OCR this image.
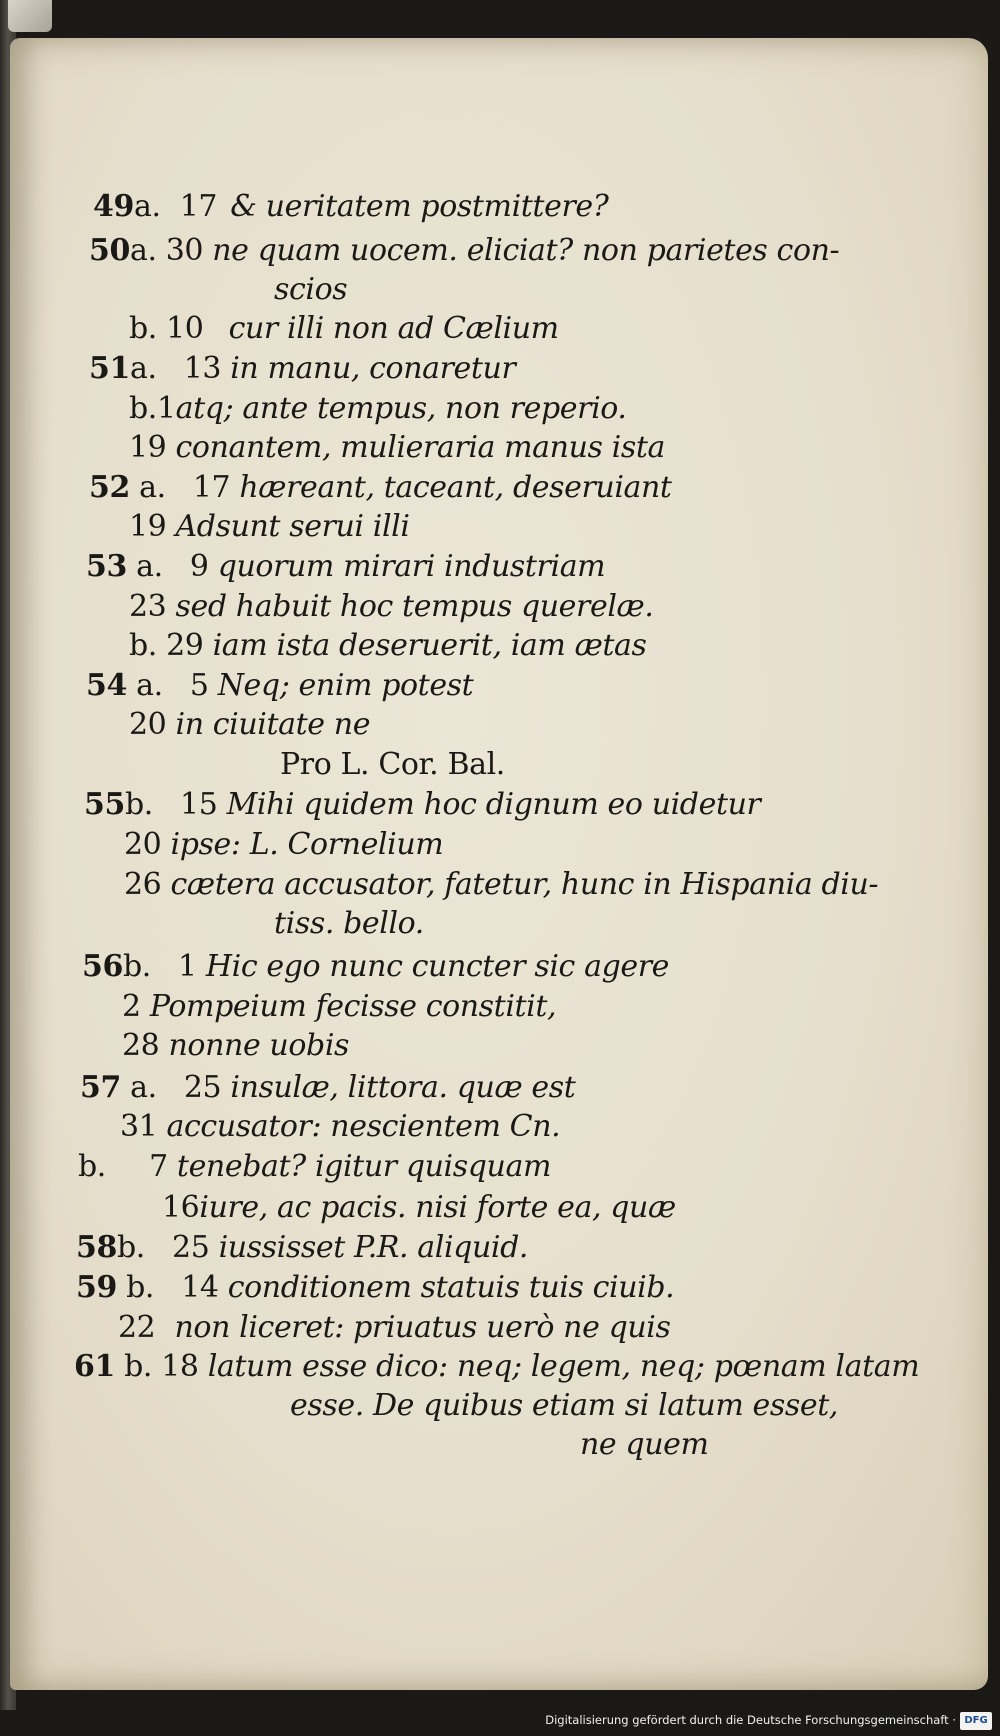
49a. 17 & ueritatem postmittere?
50a. 30 ne quam uocem. eliciat? non parietes con-
scios
b. 10 cur illi non ad Cælium
51a. 13 in manu, conaretur
b.1atq; ante tempus, non reperio.
19 conantem, mulieraria manus ista
52 a. 17 hæreant, taceant, deseruiant
19 Adsunt serui illi
53 a. 9 quorum mirari industriam
23 sed habuit hoc tempus querelæ.
b. 29 iam ista deseruerit, iam ætas
54 a. 5 Neq; enim potest
20 in ciuitate ne
Pro L. Cor. Bal.
55b. 15 Mihi quidem hoc dignum eo uidetur
20 ipse: L. Cornelium
26 cætera accusator, fatetur, hunc in Hispania diu-
tiss. bello.
56b. 1 Hic ego nunc cuncter sic agere
2 Pompeium fecisse constitit,
28 nonne uobis
57 a. 25 insulæ, littora. quæ est
31 accusator: nescientem Cn.
b. 7 tenebat? igitur quisquam
16iure, ac pacis. nisi forte ea, quæ
58b. 25 iussisset P.R. aliquid.
59 b. 14 conditionem statuis tuis ciuib.
22 non liceret: priuatus uerò ne quis
61 b. 18 latum esse dico: neq; legem, neq; pœnam latam
esse. De quibus etiam si latum esset,
ne quem
Digitalisierung gefördert durch die Deutsche Forschungsgemeinschaft · DFG
